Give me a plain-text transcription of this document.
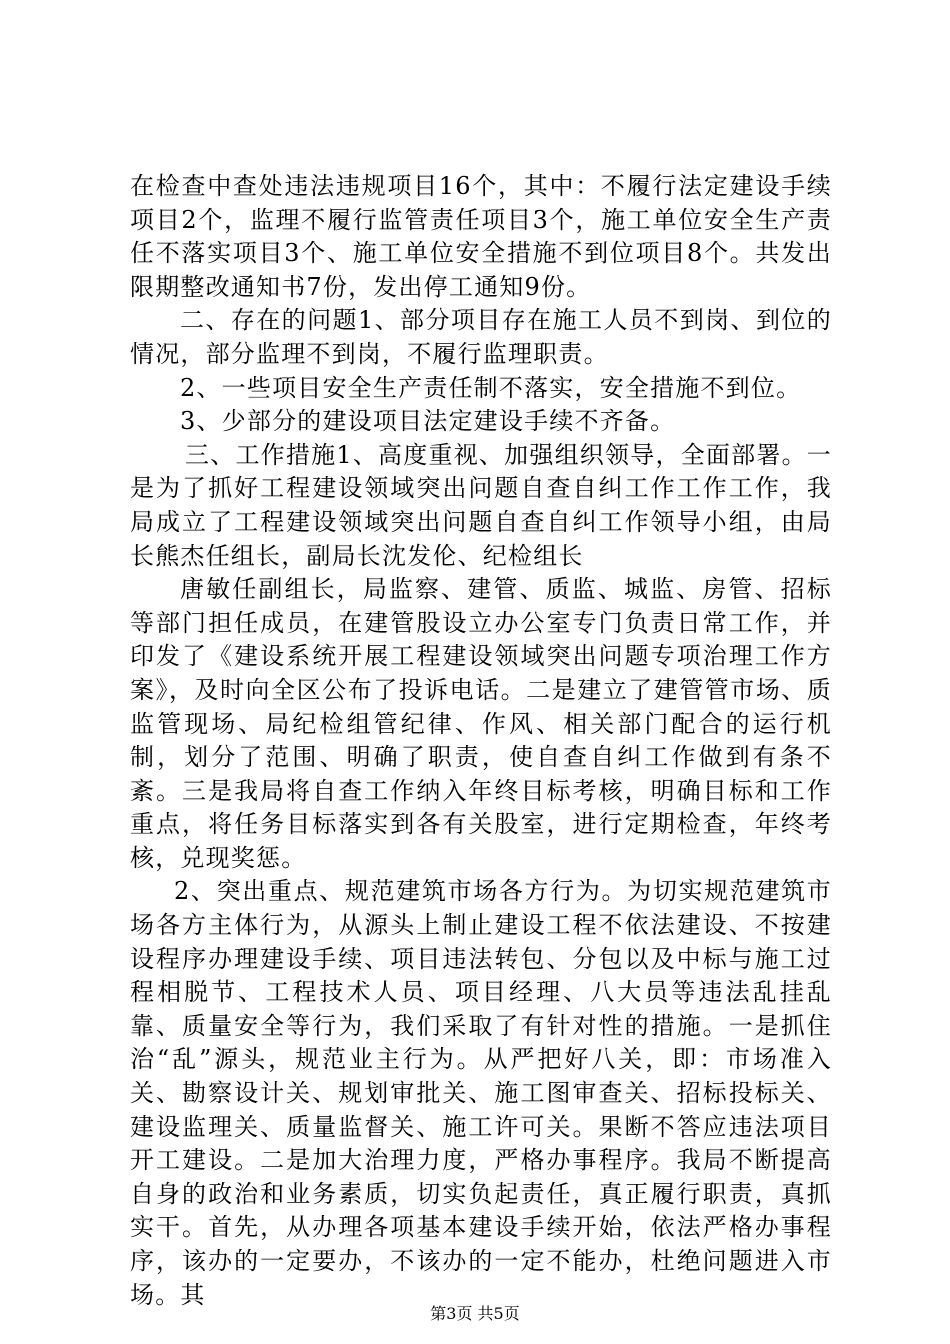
在检查中查处违法违规项目16个，其中：不履行法定建设手续项目2个，监理不履行监管责任项目3个，施工单位安全生产责任不落实项目3个、施工单位安全措施不到位项目8个。共发出限期整改通知书7份，发出停工通知9份。

二、存在的问题1、部分项目存在施工人员不到岗、到位的情况，部分监理不到岗，不履行监理职责。

2、一些项目安全生产责任制不落实，安全措施不到位。

3、少部分的建设项目法定建设手续不齐备。

三、工作措施1、高度重视、加强组织领导，全面部署。一是为了抓好工程建设领域突出问题自查自纠工作工作工作，我局成立了工程建设领域突出问题自查自纠工作领导小组，由局长熊杰任组长，副局长沈发伦、纪检组长

唐敏任副组长，局监察、建管、质监、城监、房管、招标等部门担任成员，在建管股设立办公室专门负责日常工作，并印发了《建设系统开展工程建设领域突出问题专项治理工作方案》，及时向全区公布了投诉电话。二是建立了建管管市场、质监管现场、局纪检组管纪律、作风、相关部门配合的运行机制，划分了范围、明确了职责，使自查自纠工作做到有条不紊。三是我局将自查工作纳入年终目标考核，明确目标和工作重点，将任务目标落实到各有关股室，进行定期检查，年终考核，兑现奖惩。

2、突出重点、规范建筑市场各方行为。为切实规范建筑市场各方主体行为，从源头上制止建设工程不依法建设、不按建设程序办理建设手续、项目违法转包、分包以及中标与施工过程相脱节、工程技术人员、项目经理、八大员等违法乱挂乱靠、质量安全等行为，我们采取了有针对性的措施。一是抓住治“乱”源头，规范业主行为。从严把好八关，即：市场准入关、勘察设计关、规划审批关、施工图审查关、招标投标关、建设监理关、质量监督关、施工许可关。果断不答应违法项目开工建设。二是加大治理力度，严格办事程序。我局不断提高自身的政治和业务素质，切实负起责任，真正履行职责，真抓实干。首先，从办理各项基本建设手续开始，依法严格办事程序，该办的一定要办，不该办的一定不能办，杜绝问题进入市场。其

第3页 共5页
